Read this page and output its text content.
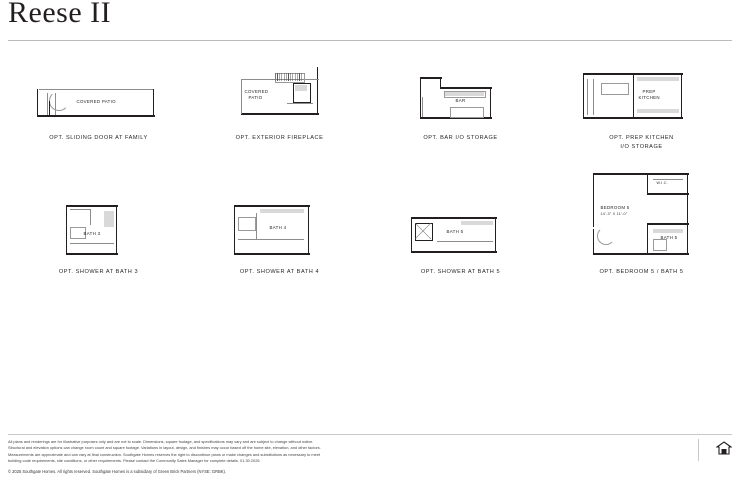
Reese II
COVERED PATIO
OPT. SLIDING DOOR AT FAMILY
COVERED
PATIO
OPT. EXTERIOR FIREPLACE
BAR
OPT. BAR I/O STORAGE
PREP
KITCHEN
OPT. PREP KITCHEN
I/O STORAGE
BATH 3
OPT. SHOWER AT BATH 3
BATH 4
OPT. SHOWER AT BATH 4
BATH 5
OPT. SHOWER AT BATH 5
W.I.C.
BEDROOM 5
14'-3" X 11'-0"
BATH 5
OPT. BEDROOM 5 / BATH 5
All plans and renderings are for illustrative purposes only and are not to scale. Dimensions, square footage, and specifications may vary and are subject to change without notice.
Structural and elevation options can change room count and square footage. Variations in layout, design, and finishes may occur based off the home site, elevation, and other factors.
Measurements are approximate and can vary at final construction. Southgate Homes reserves the right to discontinue plans or make changes and substitutions as necessary to meet
building code requirements, site conditions, or other requirements. Please contact the Community Sales Manager for complete details. 01.30.2026
© 2025 Southgate Homes. All rights reserved. Southgate Homes is a subsidiary of Green Brick Partners (NYSE: GRBK).
